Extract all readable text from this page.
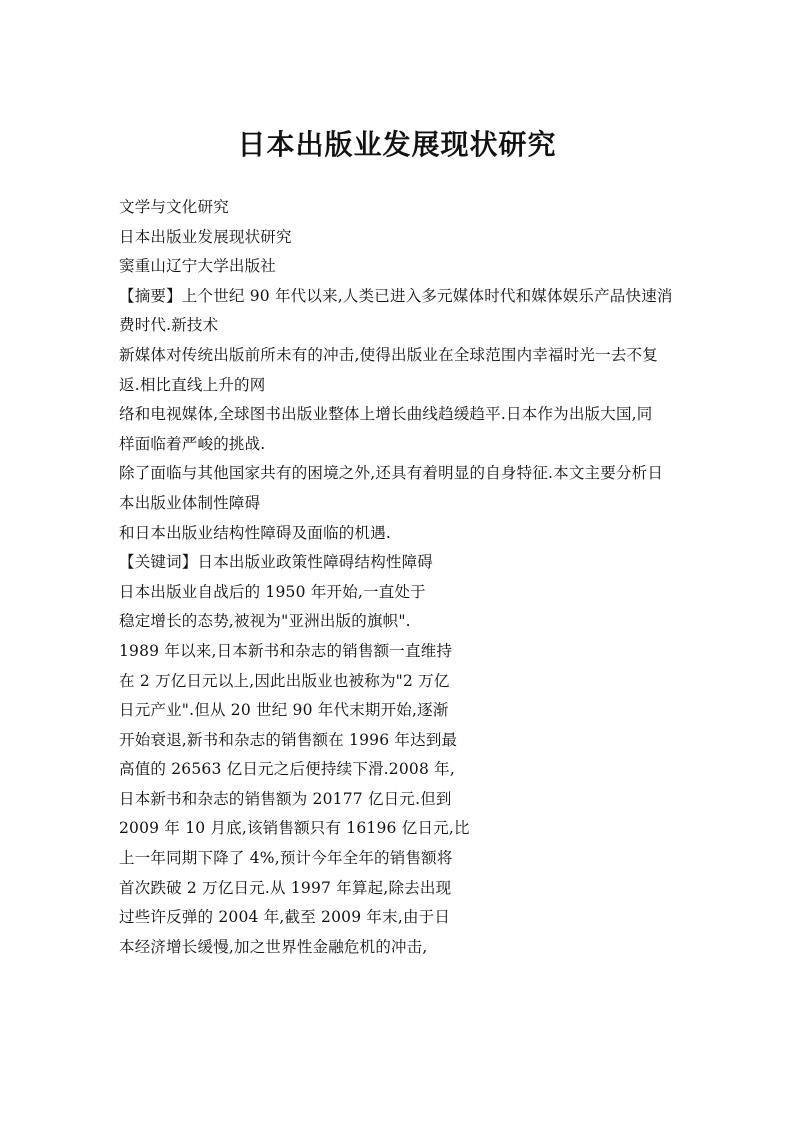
日本出版业发展现状研究
文学与文化研究
日本出版业发展现状研究
窦重山辽宁大学出版社
【摘要】上个世纪 90 年代以来,人类已进入多元媒体时代和媒体娱乐产品快速消
费时代.新技术
新媒体对传统出版前所未有的冲击,使得出版业在全球范围内幸福时光一去不复
返.相比直线上升的网
络和电视媒体,全球图书出版业整体上增长曲线趋缓趋平.日本作为出版大国,同
样面临着严峻的挑战.
除了面临与其他国家共有的困境之外,还具有着明显的自身特征.本文主要分析日
本出版业体制性障碍
和日本出版业结构性障碍及面临的机遇.
【关键词】日本出版业政策性障碍结构性障碍
日本出版业自战后的 1950 年开始,一直处于
稳定增长的态势,被视为"亚洲出版的旗帜".
1989 年以来,日本新书和杂志的销售额一直维持
在 2 万亿日元以上,因此出版业也被称为"2 万亿
日元产业".但从 20 世纪 90 年代末期开始,逐渐
开始衰退,新书和杂志的销售额在 1996 年达到最
高值的 26563 亿日元之后便持续下滑.2008 年,
日本新书和杂志的销售额为 20177 亿日元.但到
2009 年 10 月底,该销售额只有 16196 亿日元,比
上一年同期下降了 4%,预计今年全年的销售额将
首次跌破 2 万亿日元.从 1997 年算起,除去出现
过些许反弹的 2004 年,截至 2009 年末,由于日
本经济增长缓慢,加之世界性金融危机的冲击,
